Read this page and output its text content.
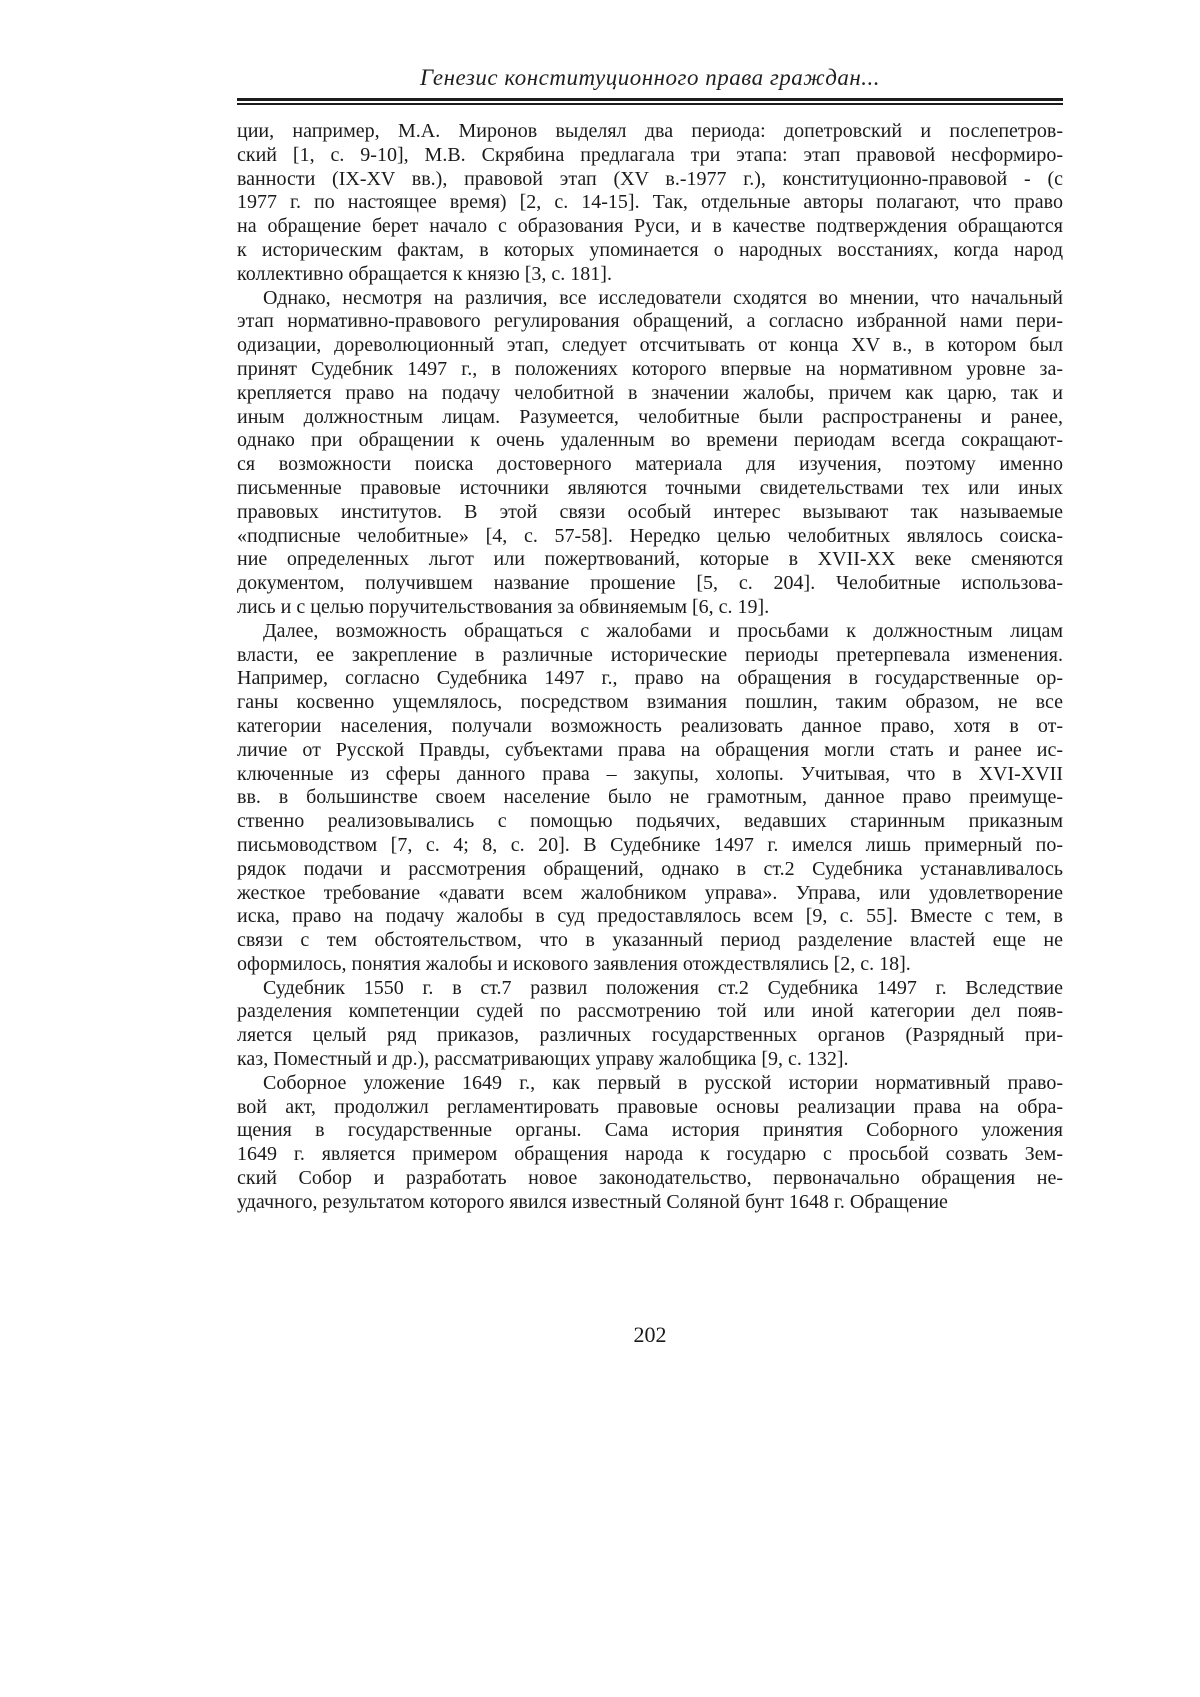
Генезис конституционного права граждан...
ции, например, М.А. Миронов выделял два периода: допетровский и послепетров-
ский [1, с. 9-10], М.В. Скрябина предлагала три этапа: этап правовой несформиро-
ванности (IX-XV вв.), правовой этап (XV в.-1977 г.), конституционно-правовой - (с
1977 г. по настоящее время) [2, с. 14-15]. Так, отдельные авторы полагают, что право
на обращение берет начало с образования Руси, и в качестве подтверждения обращаются
к историческим фактам, в которых упоминается о народных восстаниях, когда народ
коллективно обращается к князю [3, с. 181].
Однако, несмотря на различия, все исследователи сходятся во мнении, что начальный
этап нормативно-правового регулирования обращений, а согласно избранной нами пери-
одизации, дореволюционный этап, следует отсчитывать от конца XV в., в котором был
принят Судебник 1497 г., в положениях которого впервые на нормативном уровне за-
крепляется право на подачу челобитной в значении жалобы, причем как царю, так и
иным должностным лицам. Разумеется, челобитные были распространены и ранее,
однако при обращении к очень удаленным во времени периодам всегда сокращают-
ся возможности поиска достоверного материала для изучения, поэтому именно
письменные правовые источники являются точными свидетельствами тех или иных
правовых институтов. В этой связи особый интерес вызывают так называемые
«подписные челобитные» [4, с. 57-58]. Нередко целью челобитных являлось соиска-
ние определенных льгот или пожертвований, которые в XVII-XX веке сменяются
документом, получившем название прошение [5, с. 204]. Челобитные использова-
лись и с целью поручительствования за обвиняемым [6, с. 19].
Далее, возможность обращаться с жалобами и просьбами к должностным лицам
власти, ее закрепление в различные исторические периоды претерпевала изменения.
Например, согласно Судебника 1497 г., право на обращения в государственные ор-
ганы косвенно ущемлялось, посредством взимания пошлин, таким образом, не все
категории населения, получали возможность реализовать данное право, хотя в от-
личие от Русской Правды, субъектами права на обращения могли стать и ранее ис-
ключенные из сферы данного права – закупы, холопы. Учитывая, что в XVI-XVII
вв. в большинстве своем население было не грамотным, данное право преимуще-
ственно реализовывались с помощью подьячих, ведавших старинным приказным
письмоводством [7, с. 4; 8, с. 20]. В Судебнике 1497 г. имелся лишь примерный по-
рядок подачи и рассмотрения обращений, однако в ст.2 Судебника устанавливалось
жесткое требование «давати всем жалобником управа». Управа, или удовлетворение
иска, право на подачу жалобы в суд предоставлялось всем [9, с. 55]. Вместе с тем, в
связи с тем обстоятельством, что в указанный период разделение властей еще не
оформилось, понятия жалобы и искового заявления отождествлялись [2, с. 18].
Судебник 1550 г. в ст.7 развил положения ст.2 Судебника 1497 г. Вследствие
разделения компетенции судей по рассмотрению той или иной категории дел появ-
ляется целый ряд приказов, различных государственных органов (Разрядный при-
каз, Поместный и др.), рассматривающих управу жалобщика [9, с. 132].
Соборное уложение 1649 г., как первый в русской истории нормативный право-
вой акт, продолжил регламентировать правовые основы реализации права на обра-
щения в государственные органы. Сама история принятия Соборного уложения
1649 г. является примером обращения народа к государю с просьбой созвать Зем-
ский Собор и разработать новое законодательство, первоначально обращения не-
удачного, результатом которого явился известный Соляной бунт 1648 г. Обращение
202
